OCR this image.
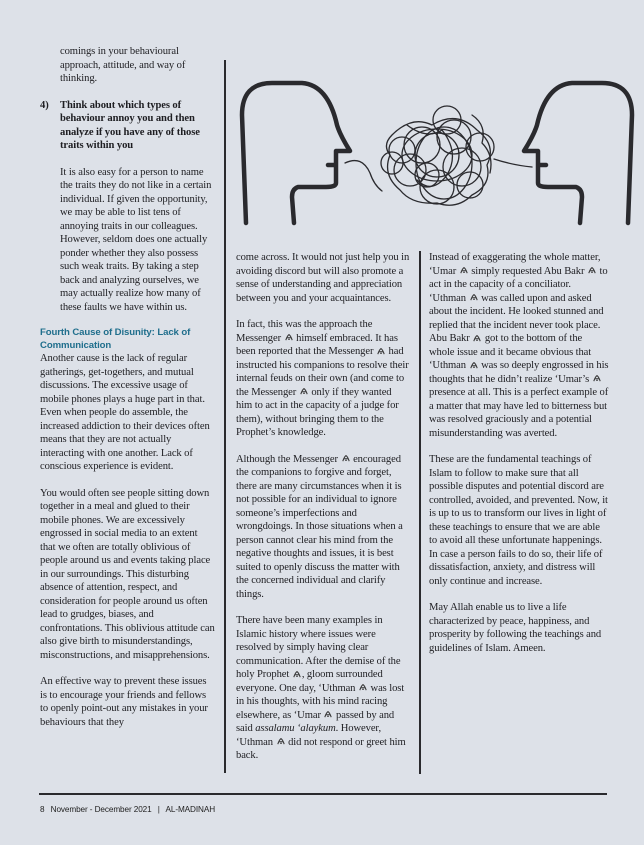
comings in your behavioural approach, attitude, and way of thinking.

4)	Think about which types of behaviour annoy you and then analyze if you have any of those traits within you

It is also easy for a person to name the traits they do not like in a certain individual. If given the opportunity, we may be able to list tens of annoying traits in our colleagues. However, seldom does one actually ponder whether they also possess such weak traits. By taking a step back and analyzing ourselves, we may actually realize how many of these faults we have within us.

Fourth Cause of Disunity: Lack of Communication

Another cause is the lack of regular gatherings, get-togethers, and mutual discussions. The excessive usage of mobile phones plays a huge part in that. Even when people do assemble, the increased addiction to their devices often means that they are not actually interacting with one another. Lack of conscious experience is evident.

You would often see people sitting down together in a meal and glued to their mobile phones. We are excessively engrossed in social media to an extent that we often are totally oblivious of people around us and events taking place in our surroundings. This disturbing absence of attention, respect, and consideration for people around us often lead to grudges, biases, and confrontations. This oblivious attitude can also give birth to misunderstandings, misconstructions, and misapprehensions.

An effective way to prevent these issues is to encourage your friends and fellows to openly point-out any mistakes in your behaviours that they

come across. It would not just help you in avoiding discord but will also promote a sense of understanding and appreciation between you and your acquaintances.

In fact, this was the approach the Messenger himself embraced. It has been reported that the Messenger had instructed his companions to resolve their internal feuds on their own (and come to the Messenger only if they wanted him to act in the capacity of a judge for them), without bringing them to the Prophet’s knowledge.

Although the Messenger encouraged the companions to forgive and forget, there are many circumstances when it is not possible for an individual to ignore someone’s imperfections and wrongdoings. In those situations when a person cannot clear his mind from the negative thoughts and issues, it is best suited to openly discuss the matter with the concerned individual and clarify things.

There have been many examples in Islamic history where issues were resolved by simply having clear communication. After the demise of the holy Prophet , gloom surrounded everyone. One day, ‘Uthman was lost in his thoughts, with his mind racing elsewhere, as ‘Umar passed by and said assalamu ‘alaykum. However, ‘Uthman did not respond or greet him back.

Instead of exaggerating the whole matter, ‘Umar simply requested Abu Bakr to act in the capacity of a conciliator. ‘Uthman was called upon and asked about the incident. He looked stunned and replied that the incident never took place. Abu Bakr got to the bottom of the whole issue and it became obvious that ‘Uthman was so deeply engrossed in his thoughts that he didn’t realize ‘Umar’s  presence at all. This is a perfect example of a matter that may have led to bitterness but was resolved graciously and a potential misunderstanding was averted.

These are the fundamental teachings of Islam to follow to make sure that all possible disputes and potential discord are controlled, avoided, and prevented. Now, it is up to us to transform our lives in light of these teachings to ensure that we are able to avoid all these unfortunate happenings. In case a person fails to do so, their life of dissatisfaction, anxiety, and distress will only continue and increase.

May Allah enable us to live a life characterized by peace, happiness, and prosperity by following the teachings and guidelines of Islam. Ameen.

8 November - December 2021 | AL-MADINAH
